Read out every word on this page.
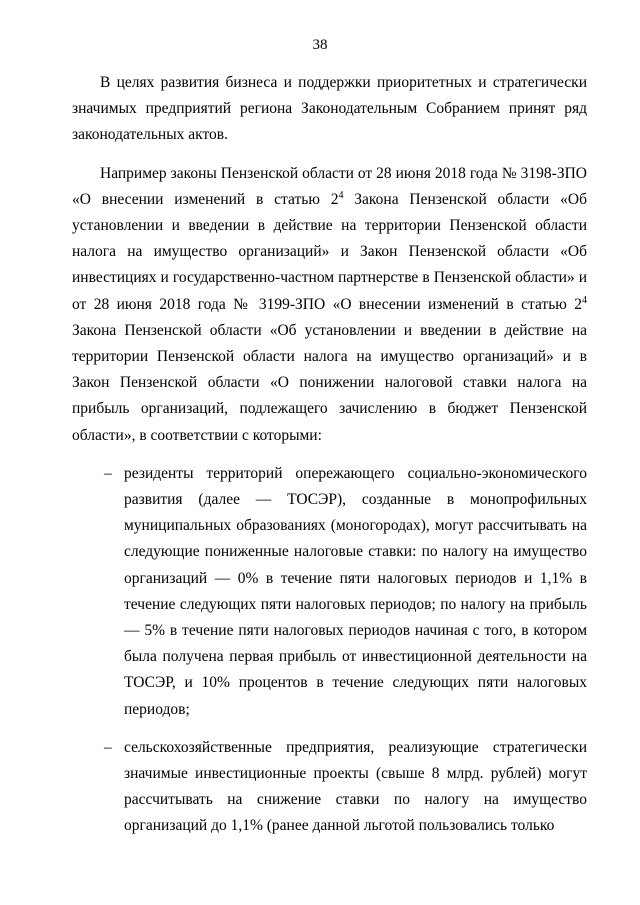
38

В целях развития бизнеса и поддержки приоритетных и стратегически значимых предприятий региона Законодательным Собранием принят ряд законодательных актов.

Например законы Пензенской области от 28 июня 2018 года № 3198-ЗПО «О внесении изменений в статью $2^4$ Закона Пензенской области «Об установлении и введении в действие на территории Пензенской области налога на имущество организаций» и Закон Пензенской области «Об инвестициях и государственно-частном партнерстве в Пензенской области» и от 28 июня 2018 года № 3199-ЗПО «О внесении изменений в статью $2^4$ Закона Пензенской области «Об установлении и введении в действие на территории Пензенской области налога на имущество организаций» и в Закон Пензенской области «О понижении налоговой ставки налога на прибыль организаций, подлежащего зачислению в бюджет Пензенской области», в соответствии с которыми:

– резиденты территорий опережающего социально-экономического развития (далее — ТОСЭР), созданные в монопрофильных муниципальных образованиях (моногородах), могут рассчитывать на следующие пониженные налоговые ставки: по налогу на имущество организаций — 0% в течение пяти налоговых периодов и 1,1% в течение следующих пяти налоговых периодов; по налогу на прибыль — 5% в течение пяти налоговых периодов начиная с того, в котором была получена первая прибыль от инвестиционной деятельности на ТОСЭР, и 10% процентов в течение следующих пяти налоговых периодов;
– сельскохозяйственные предприятия, реализующие стратегически значимые инвестиционные проекты (свыше 8 млрд. рублей) могут рассчитывать на снижение ставки по налогу на имущество организаций до 1,1% (ранее данной льготой пользовались только
